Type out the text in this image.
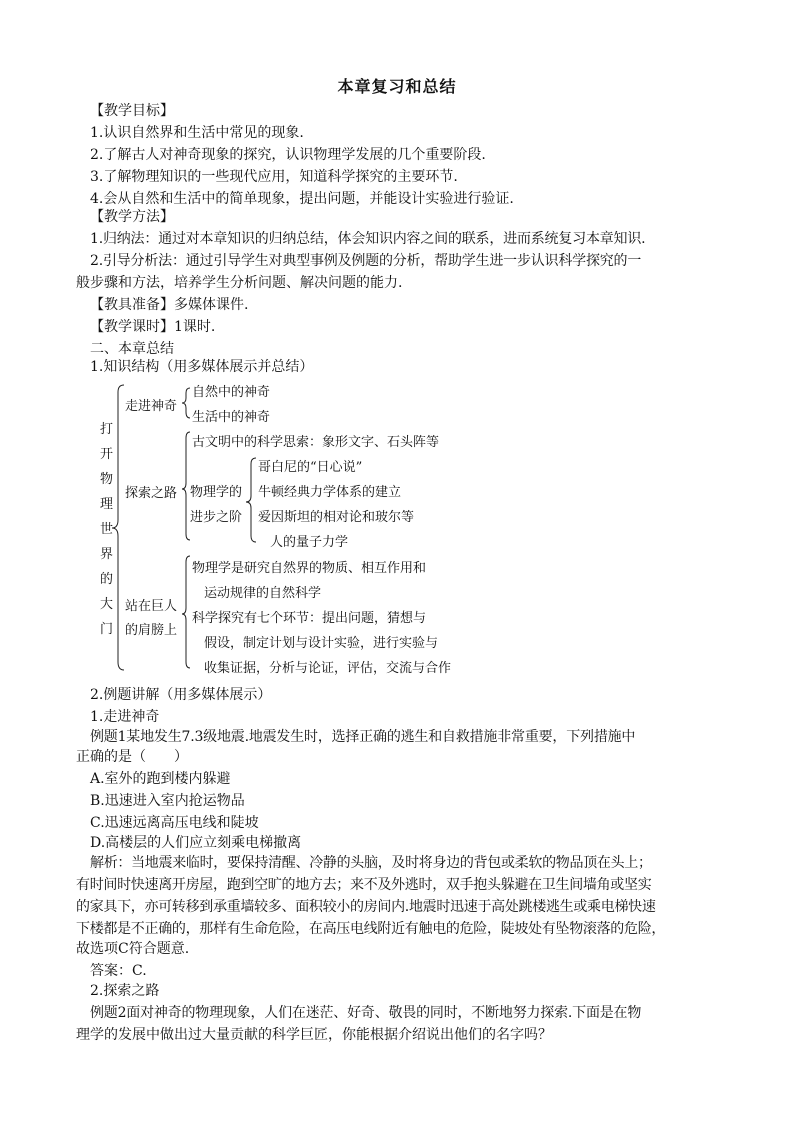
本章复习和总结
【教学目标】
1.认识自然界和生活中常见的现象.
2.了解古人对神奇现象的探究，认识物理学发展的几个重要阶段.
3.了解物理知识的一些现代应用，知道科学探究的主要环节.
4.会从自然和生活中的简单现象，提出问题，并能设计实验进行验证.
【教学方法】
1.归纳法：通过对本章知识的归纳总结，体会知识内容之间的联系，进而系统复习本章知识.
2.引导分析法：通过引导学生对典型事例及例题的分析，帮助学生进一步认识科学探究的一
般步骤和方法，培养学生分析问题、解决问题的能力.
【教具准备】多媒体课件.
【教学课时】1课时.
二、本章总结
1.知识结构（用多媒体展示并总结）
打
开
物
理
世
界
的
大
门
走进神奇
自然中的神奇
生活中的神奇
探索之路
古文明中的科学思索：象形文字、石头阵等
物理学的
进步之阶
哥白尼的“日心说”
牛顿经典力学体系的建立
爱因斯坦的相对论和玻尔等
人的量子力学
站在巨人
的肩膀上
物理学是研究自然界的物质、相互作用和
运动规律的自然科学
科学探究有七个环节：提出问题，猜想与
假设，制定计划与设计实验，进行实验与
收集证据，分析与论证，评估，交流与合作
2.例题讲解（用多媒体展示）
1.走进神奇
例题1某地发生7.3级地震.地震发生时，选择正确的逃生和自救措施非常重要，下列措施中
正确的是（　　）
A.室外的跑到楼内躲避
B.迅速进入室内抢运物品
C.迅速远离高压电线和陡坡
D.高楼层的人们应立刻乘电梯撤离
解析：当地震来临时，要保持清醒、冷静的头脑，及时将身边的背包或柔软的物品顶在头上；
有时间时快速离开房屋，跑到空旷的地方去；来不及外逃时，双手抱头躲避在卫生间墙角或坚实
的家具下，亦可转移到承重墙较多、面积较小的房间内.地震时迅速于高处跳楼逃生或乘电梯快速
下楼都是不正确的，那样有生命危险，在高压电线附近有触电的危险，陡坡处有坠物滚落的危险，
故选项C符合题意.
答案：C.
2.探索之路
例题2面对神奇的物理现象，人们在迷茫、好奇、敬畏的同时，不断地努力探索.下面是在物
理学的发展中做出过大量贡献的科学巨匠，你能根据介绍说出他们的名字吗？
